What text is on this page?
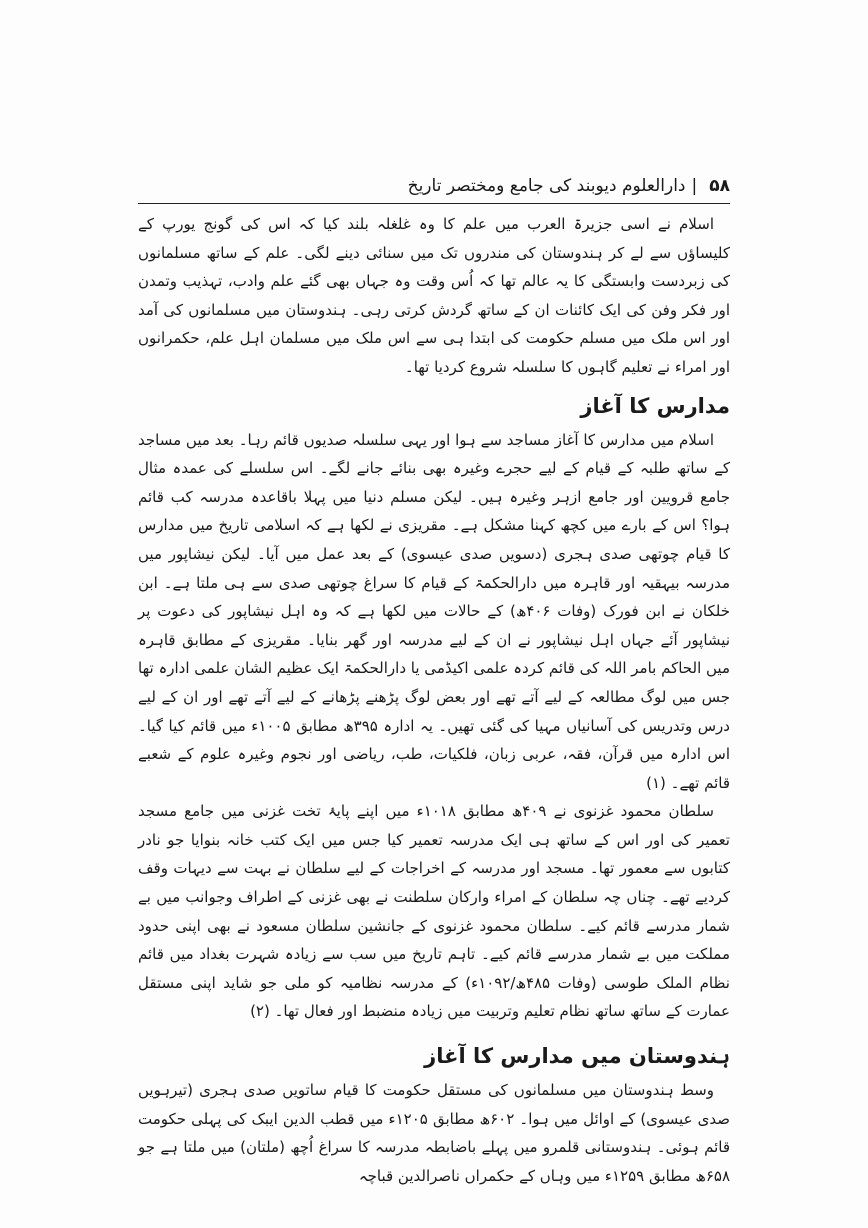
۵۸
|
دارالعلوم دیوبند کی جامع ومختصر تاریخ

اسلام نے اسی جزیرۃ العرب میں علم کا وہ غلغلہ بلند کیا کہ اس کی گونج یورپ کے کلیساؤں سے لے کر ہندوستان کی مندروں تک میں سنائی دینے لگی۔ علم کے ساتھ مسلمانوں کی زبردست وابستگی کا یہ عالم تھا کہ اُس وقت وہ جہاں بھی گئے علم وادب، تہذیب وتمدن اور فکر وفن کی ایک کائنات ان کے ساتھ گردش کرتی رہی۔ ہندوستان میں مسلمانوں کی آمد اور اس ملک میں مسلم حکومت کی ابتدا ہی سے اس ملک میں مسلمان اہل علم، حکمرانوں اور امراء نے تعلیم گاہوں کا سلسلہ شروع کردیا تھا۔

مدارس کا آغاز

اسلام میں مدارس کا آغاز مساجد سے ہوا اور یہی سلسلہ صدیوں قائم رہا۔ بعد میں مساجد کے ساتھ طلبہ کے قیام کے لیے حجرے وغیرہ بھی بنائے جانے لگے۔ اس سلسلے کی عمدہ مثال جامع قرویین اور جامع ازہر وغیرہ ہیں۔ لیکن مسلم دنیا میں پہلا باقاعدہ مدرسہ کب قائم ہوا؟ اس کے بارے میں کچھ کہنا مشکل ہے۔ مقریزی نے لکھا ہے کہ اسلامی تاریخ میں مدارس کا قیام چوتھی صدی ہجری (دسویں صدی عیسوی) کے بعد عمل میں آیا۔ لیکن نیشاپور میں مدرسہ بیہقیہ اور قاہرہ میں دارالحکمۃ کے قیام کا سراغ چوتھی صدی سے ہی ملتا ہے۔ ابن خلکان نے ابن فورک (وفات ۴۰۶ھ) کے حالات میں لکھا ہے کہ وہ اہل نیشاپور کی دعوت پر نیشاپور آئے جہاں اہل نیشاپور نے ان کے لیے مدرسہ اور گھر بنایا۔ مقریزی کے مطابق قاہرہ میں الحاکم بامر اللہ کی قائم کردہ علمی اکیڈمی یا دارالحکمۃ ایک عظیم الشان علمی ادارہ تھا جس میں لوگ مطالعہ کے لیے آتے تھے اور بعض لوگ پڑھنے پڑھانے کے لیے آتے تھے اور ان کے لیے درس وتدریس کی آسانیاں مہیا کی گئی تھیں۔ یہ ادارہ ۳۹۵ھ مطابق ۱۰۰۵ء میں قائم کیا گیا۔ اس ادارہ میں قرآن، فقہ، عربی زبان، فلکیات، طب، ریاضی اور نجوم وغیرہ علوم کے شعبے قائم تھے۔ (۱)

سلطان محمود غزنوی نے ۴۰۹ھ مطابق ۱۰۱۸ء میں اپنے پایۂ تخت غزنی میں جامع مسجد تعمیر کی اور اس کے ساتھ ہی ایک مدرسہ تعمیر کیا جس میں ایک کتب خانہ بنوایا جو نادر کتابوں سے معمور تھا۔ مسجد اور مدرسہ کے اخراجات کے لیے سلطان نے بہت سے دیہات وقف کردیے تھے۔ چناں چہ سلطان کے امراء وارکان سلطنت نے بھی غزنی کے اطراف وجوانب میں بے شمار مدرسے قائم کیے۔ سلطان محمود غزنوی کے جانشین سلطان مسعود نے بھی اپنی حدود مملکت میں بے شمار مدرسے قائم کیے۔ تاہم تاریخ میں سب سے زیادہ شہرت بغداد میں قائم نظام الملک طوسی (وفات ۴۸۵ھ/۱۰۹۲ء) کے مدرسہ نظامیہ کو ملی جو شاید اپنی مستقل عمارت کے ساتھ ساتھ نظام تعلیم وتربیت میں زیادہ منضبط اور فعال تھا۔ (۲)

ہندوستان میں مدارس کا آغاز

وسط ہندوستان میں مسلمانوں کی مستقل حکومت کا قیام ساتویں صدی ہجری (تیرہویں صدی عیسوی) کے اوائل میں ہوا۔ ۶۰۲ھ مطابق ۱۲۰۵ء میں قطب الدین ایبک کی پہلی حکومت قائم ہوئی۔ ہندوستانی قلمرو میں پہلے باضابطہ مدرسہ کا سراغ اُچھ (ملتان) میں ملتا ہے جو ۶۵۸ھ مطابق ۱۲۵۹ء میں وہاں کے حکمراں ناصرالدین قباچہ
